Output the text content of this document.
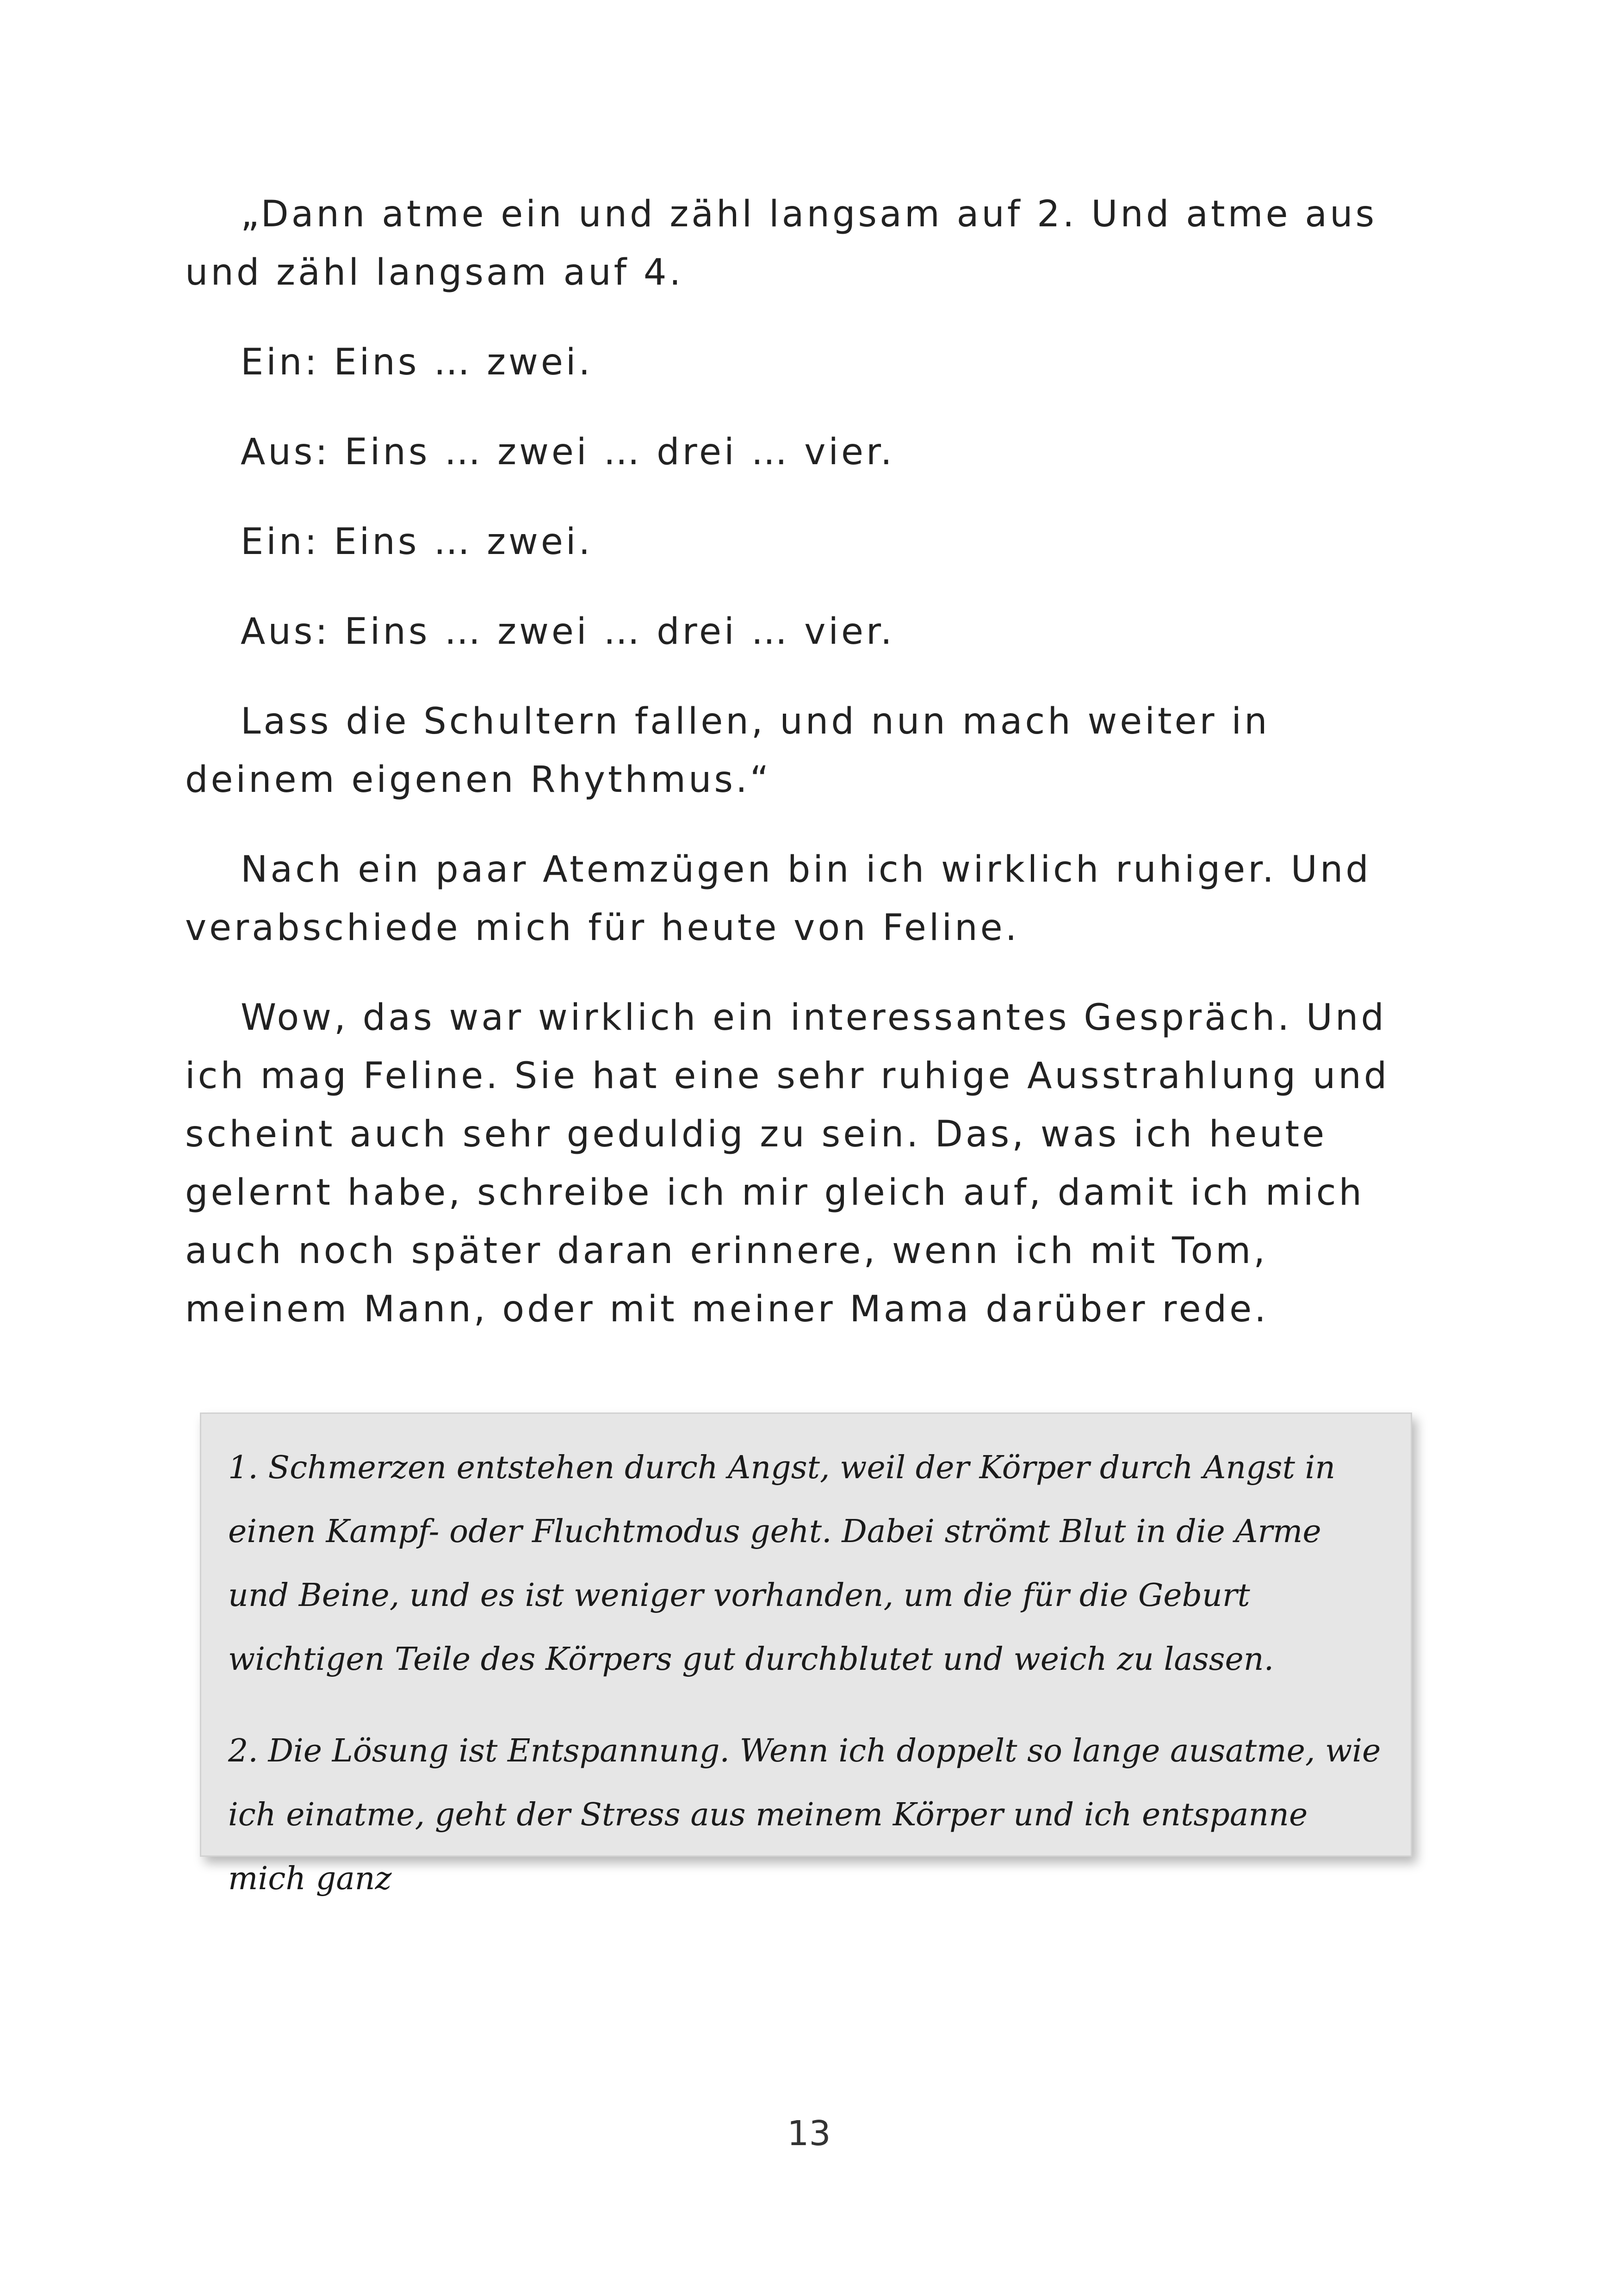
„Dann atme ein und zähl langsam auf 2. Und atme aus und zähl langsam auf 4.

Ein: Eins … zwei.

Aus: Eins … zwei … drei … vier.

Ein: Eins … zwei.

Aus: Eins … zwei … drei … vier.

Lass die Schultern fallen, und nun mach weiter in deinem eigenen Rhythmus.“

Nach ein paar Atemzügen bin ich wirklich ruhiger. Und verabschiede mich für heute von Feline.

Wow, das war wirklich ein interessantes Gespräch. Und ich mag Feline. Sie hat eine sehr ruhige Ausstrahlung und scheint auch sehr geduldig zu sein. Das, was ich heute gelernt habe, schreibe ich mir gleich auf, damit ich mich auch noch später daran erinnere, wenn ich mit Tom, meinem Mann, oder mit meiner Mama darüber rede.

1. Schmerzen entstehen durch Angst, weil der Körper durch Angst in einen Kampf- oder Fluchtmodus geht. Dabei strömt Blut in die Arme und Beine, und es ist weniger vorhanden, um die für die Geburt wichtigen Teile des Körpers gut durchblutet und weich zu lassen.

2. Die Lösung ist Entspannung. Wenn ich doppelt so lange ausatme, wie ich einatme, geht der Stress aus meinem Körper und ich entspanne mich ganz

13
